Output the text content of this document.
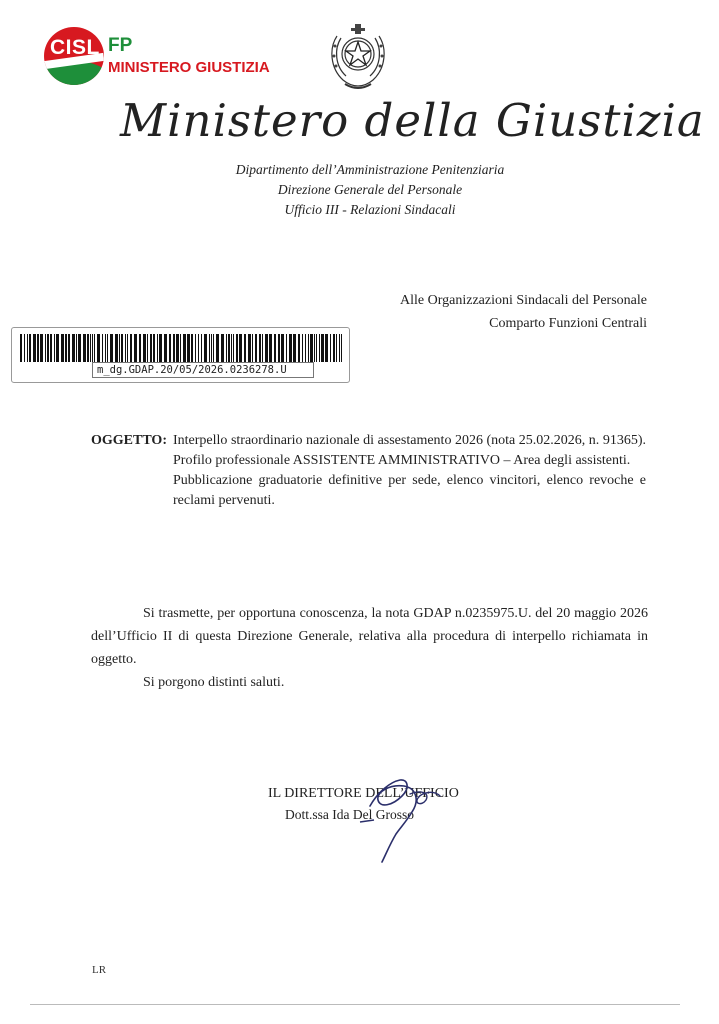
CISL FP
MINISTERO GIUSTIZIA
Ministero della Giustizia
Dipartimento dell’Amministrazione Penitenziaria
Direzione Generale del Personale
Ufficio III - Relazioni Sindacali
Alle Organizzazioni Sindacali del Personale
Comparto Funzioni Centrali
m_dg.GDAP.20/05/2026.0236278.U
OGGETTO: Interpello straordinario nazionale di assestamento 2026 (nota 25.02.2026, n. 91365). Profilo professionale ASSISTENTE AMMINISTRATIVO – Area degli assistenti.

Pubblicazione graduatorie definitive per sede, elenco vincitori, elenco revoche e reclami pervenuti.

Si trasmette, per opportuna conoscenza, la nota GDAP n.0235975.U. del 20 maggio 2026 dell’Ufficio II di questa Direzione Generale, relativa alla procedura di interpello richiamata in oggetto.

Si porgono distinti saluti.

IL DIRETTORE DELL’UFFICIO
Dott.ssa Ida Del Grosso
LR
